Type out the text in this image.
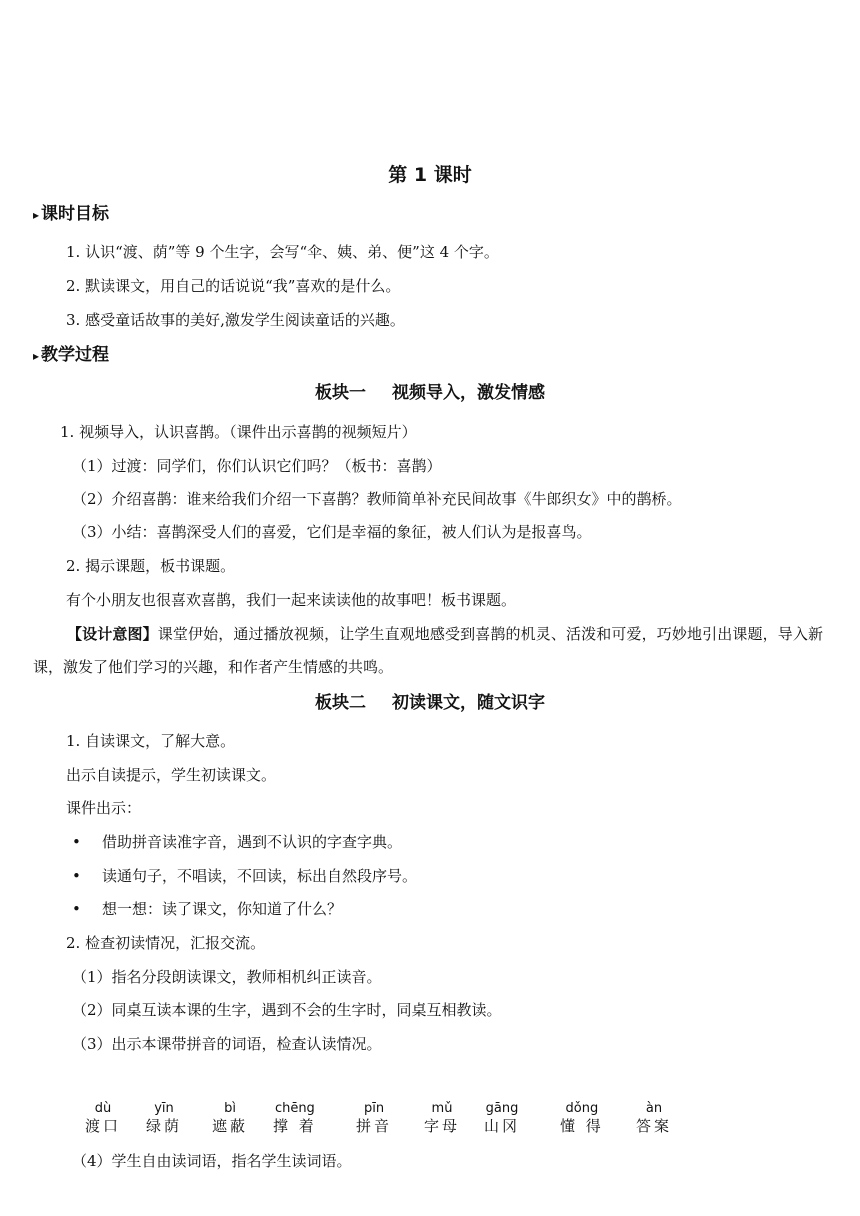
第 1 课时
▸ 课时目标
1. 认识“渡、荫”等 9 个生字，会写“伞、姨、弟、便”这 4 个字。
2. 默读课文，用自己的话说说“我”喜欢的是什么。
3. 感受童话故事的美好,激发学生阅读童话的兴趣。
▸ 教学过程
板块一 视频导入，激发情感
1. 视频导入，认识喜鹊。（课件出示喜鹊的视频短片）
（1）过渡：同学们，你们认识它们吗？（板书：喜鹊）
（2）介绍喜鹊：谁来给我们介绍一下喜鹊？教师简单补充民间故事《牛郎织女》中的鹊桥。
（3）小结：喜鹊深受人们的喜爱，它们是幸福的象征，被人们认为是报喜鸟。
2. 揭示课题，板书课题。
有个小朋友也很喜欢喜鹊，我们一起来读读他的故事吧！板书课题。
【设计意图】课堂伊始，通过播放视频，让学生直观地感受到喜鹊的机灵、活泼和可爱，巧妙地引出课题，导入新课，激发了他们学习的兴趣，和作者产生情感的共鸣。
板块二 初读课文，随文识字
1. 自读课文，了解大意。
出示自读提示，学生初读课文。
课件出示：
• 借助拼音读准字音，遇到不认识的字查字典。
• 读通句子，不唱读，不回读，标出自然段序号。
• 想一想：读了课文，你知道了什么？
2. 检查初读情况，汇报交流。
（1）指名分段朗读课文，教师相机纠正读音。
（2）同桌互读本课的生字，遇到不会的生字时，同桌互相教读。
（3）出示本课带拼音的词语，检查认读情况。
dù
渡口
yīn
绿荫
bì
遮蔽
chēng
撑 着
pīn
拼音
mǔ
字母
gāng
山冈
dǒng
懂 得
àn
答案
（4）学生自由读词语，指名学生读词语。
